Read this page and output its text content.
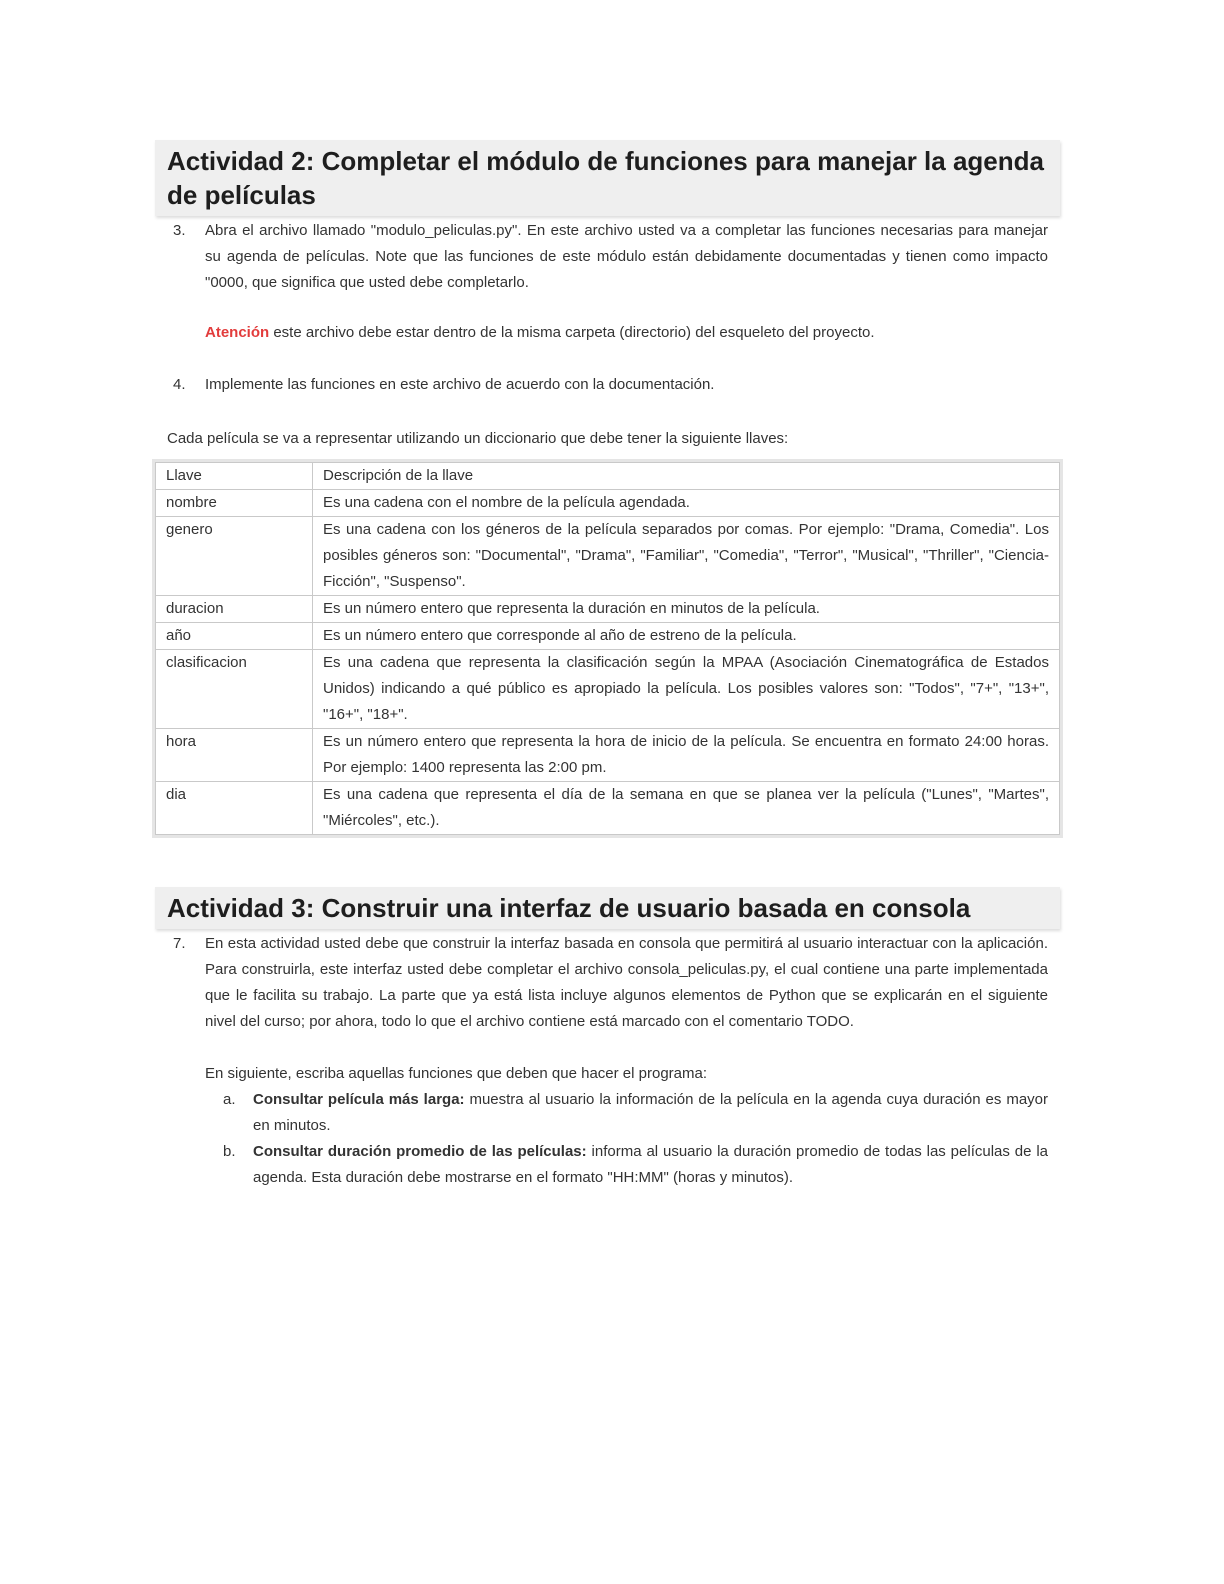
Actividad 2: Completar el módulo de funciones para manejar la agenda de películas
3. Abra el archivo llamado "modulo_peliculas.py". En este archivo usted va a completar las funciones necesarias para manejar su agenda de películas. Note que las funciones de este módulo están debidamente documentadas y tienen como impacto "0000, que significa que usted debe completarlo.
Atención este archivo debe estar dentro de la misma carpeta (directorio) del esqueleto del proyecto.
4. Implemente las funciones en este archivo de acuerdo con la documentación.

Cada película se va a representar utilizando un diccionario que debe tener la siguiente llaves:

Llave	Descripción de la llave
nombre	Es una cadena con el nombre de la película agendada.
genero	Es una cadena con los géneros de la película separados por comas. Por ejemplo: "Drama, Comedia". Los posibles géneros son: "Documental", "Drama", "Familiar", "Comedia", "Terror", "Musical", "Thriller", "Ciencia-Ficción", "Suspenso".
duracion	Es un número entero que representa la duración en minutos de la película.
año	Es un número entero que corresponde al año de estreno de la película.
clasificacion	Es una cadena que representa la clasificación según la MPAA (Asociación Cinematográfica de Estados Unidos) indicando a qué público es apropiado la película. Los posibles valores son: "Todos", "7+", "13+", "16+", "18+".
hora	Es un número entero que representa la hora de inicio de la película. Se encuentra en formato 24:00 horas. Por ejemplo: 1400 representa las 2:00 pm.
dia	Es una cadena que representa el día de la semana en que se planea ver la película ("Lunes", "Martes", "Miércoles", etc.).
Actividad 3: Construir una interfaz de usuario basada en consola
7. En esta actividad usted debe que construir la interfaz basada en consola que permitirá al usuario interactuar con la aplicación. Para construirla, este interfaz usted debe completar el archivo consola_peliculas.py, el cual contiene una parte implementada que le facilita su trabajo. La parte que ya está lista incluye algunos elementos de Python que se explicarán en el siguiente nivel del curso; por ahora, todo lo que el archivo contiene está marcado con el comentario TODO.
En siguiente, escriba aquellas funciones que deben que hacer el programa:
a. Consultar película más larga: muestra al usuario la información de la película en la agenda cuya duración es mayor en minutos.
b. Consultar duración promedio de las películas: informa al usuario la duración promedio de todas las películas de la agenda. Esta duración debe mostrarse en el formato "HH:MM" (horas y minutos).
